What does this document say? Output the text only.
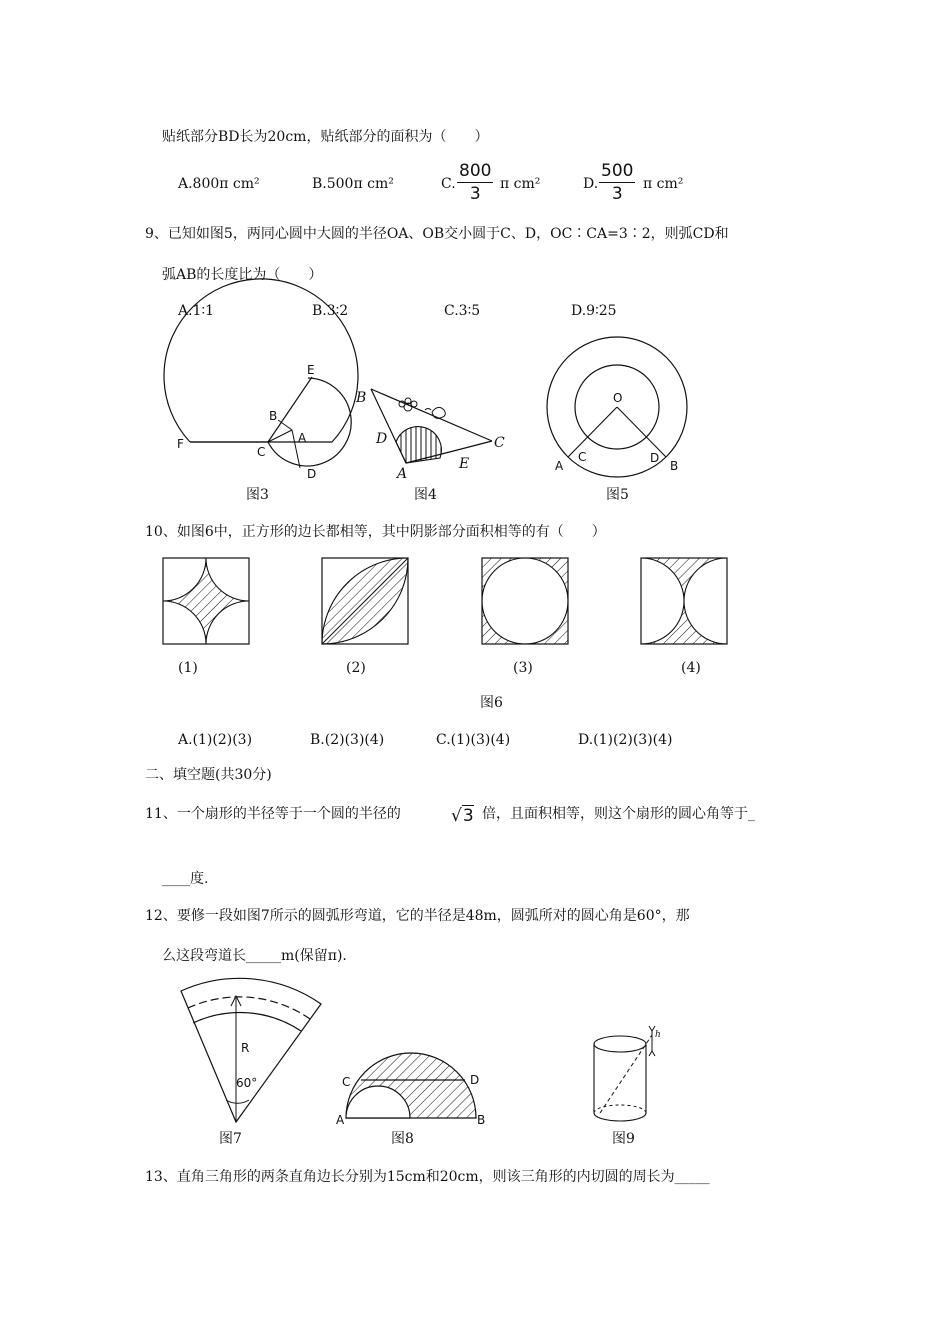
贴纸部分BD长为20cm，贴纸部分的面积为（　　）
A.800π cm²	B.500π cm²	C. $\frac{800}{3}$ π cm²	D. $\frac{500}{3}$ π cm²
9、已知如图5，两同心圆中大圆的半径OA、OB交小圆于C、D，OC∶CA=3∶2，则弧CD和
弧AB的长度比为（　　）
A.1∶1	B.3∶2	C.3∶5	D.9∶25
E
B
A
F
C
D
B
D
A
E
C
O
A
C	D
B
R
60°	C	D
A	B
h
图3	图4	图5
10、如图6中，正方形的边长都相等，其中阴影部分面积相等的有（　　）
(1)	(2)	(3)	(4)
图6
A.(1)(2)(3)	B.(2)(3)(4)	C.(1)(3)(4)	D.(1)(2)(3)(4)
二、填空题(共30分)
11、一个扇形的半径等于一个圆的半径的	√3 倍，且面积相等，则这个扇形的圆心角等于_
____度.
12、要修一段如图7所示的圆弧形弯道，它的半径是48m，圆弧所对的圆心角是60°，那
么这段弯道长_____m(保留π).
图7	图8	图9
13、直角三角形的两条直角边长分别为15cm和20cm，则该三角形的内切圆的周长为_____
